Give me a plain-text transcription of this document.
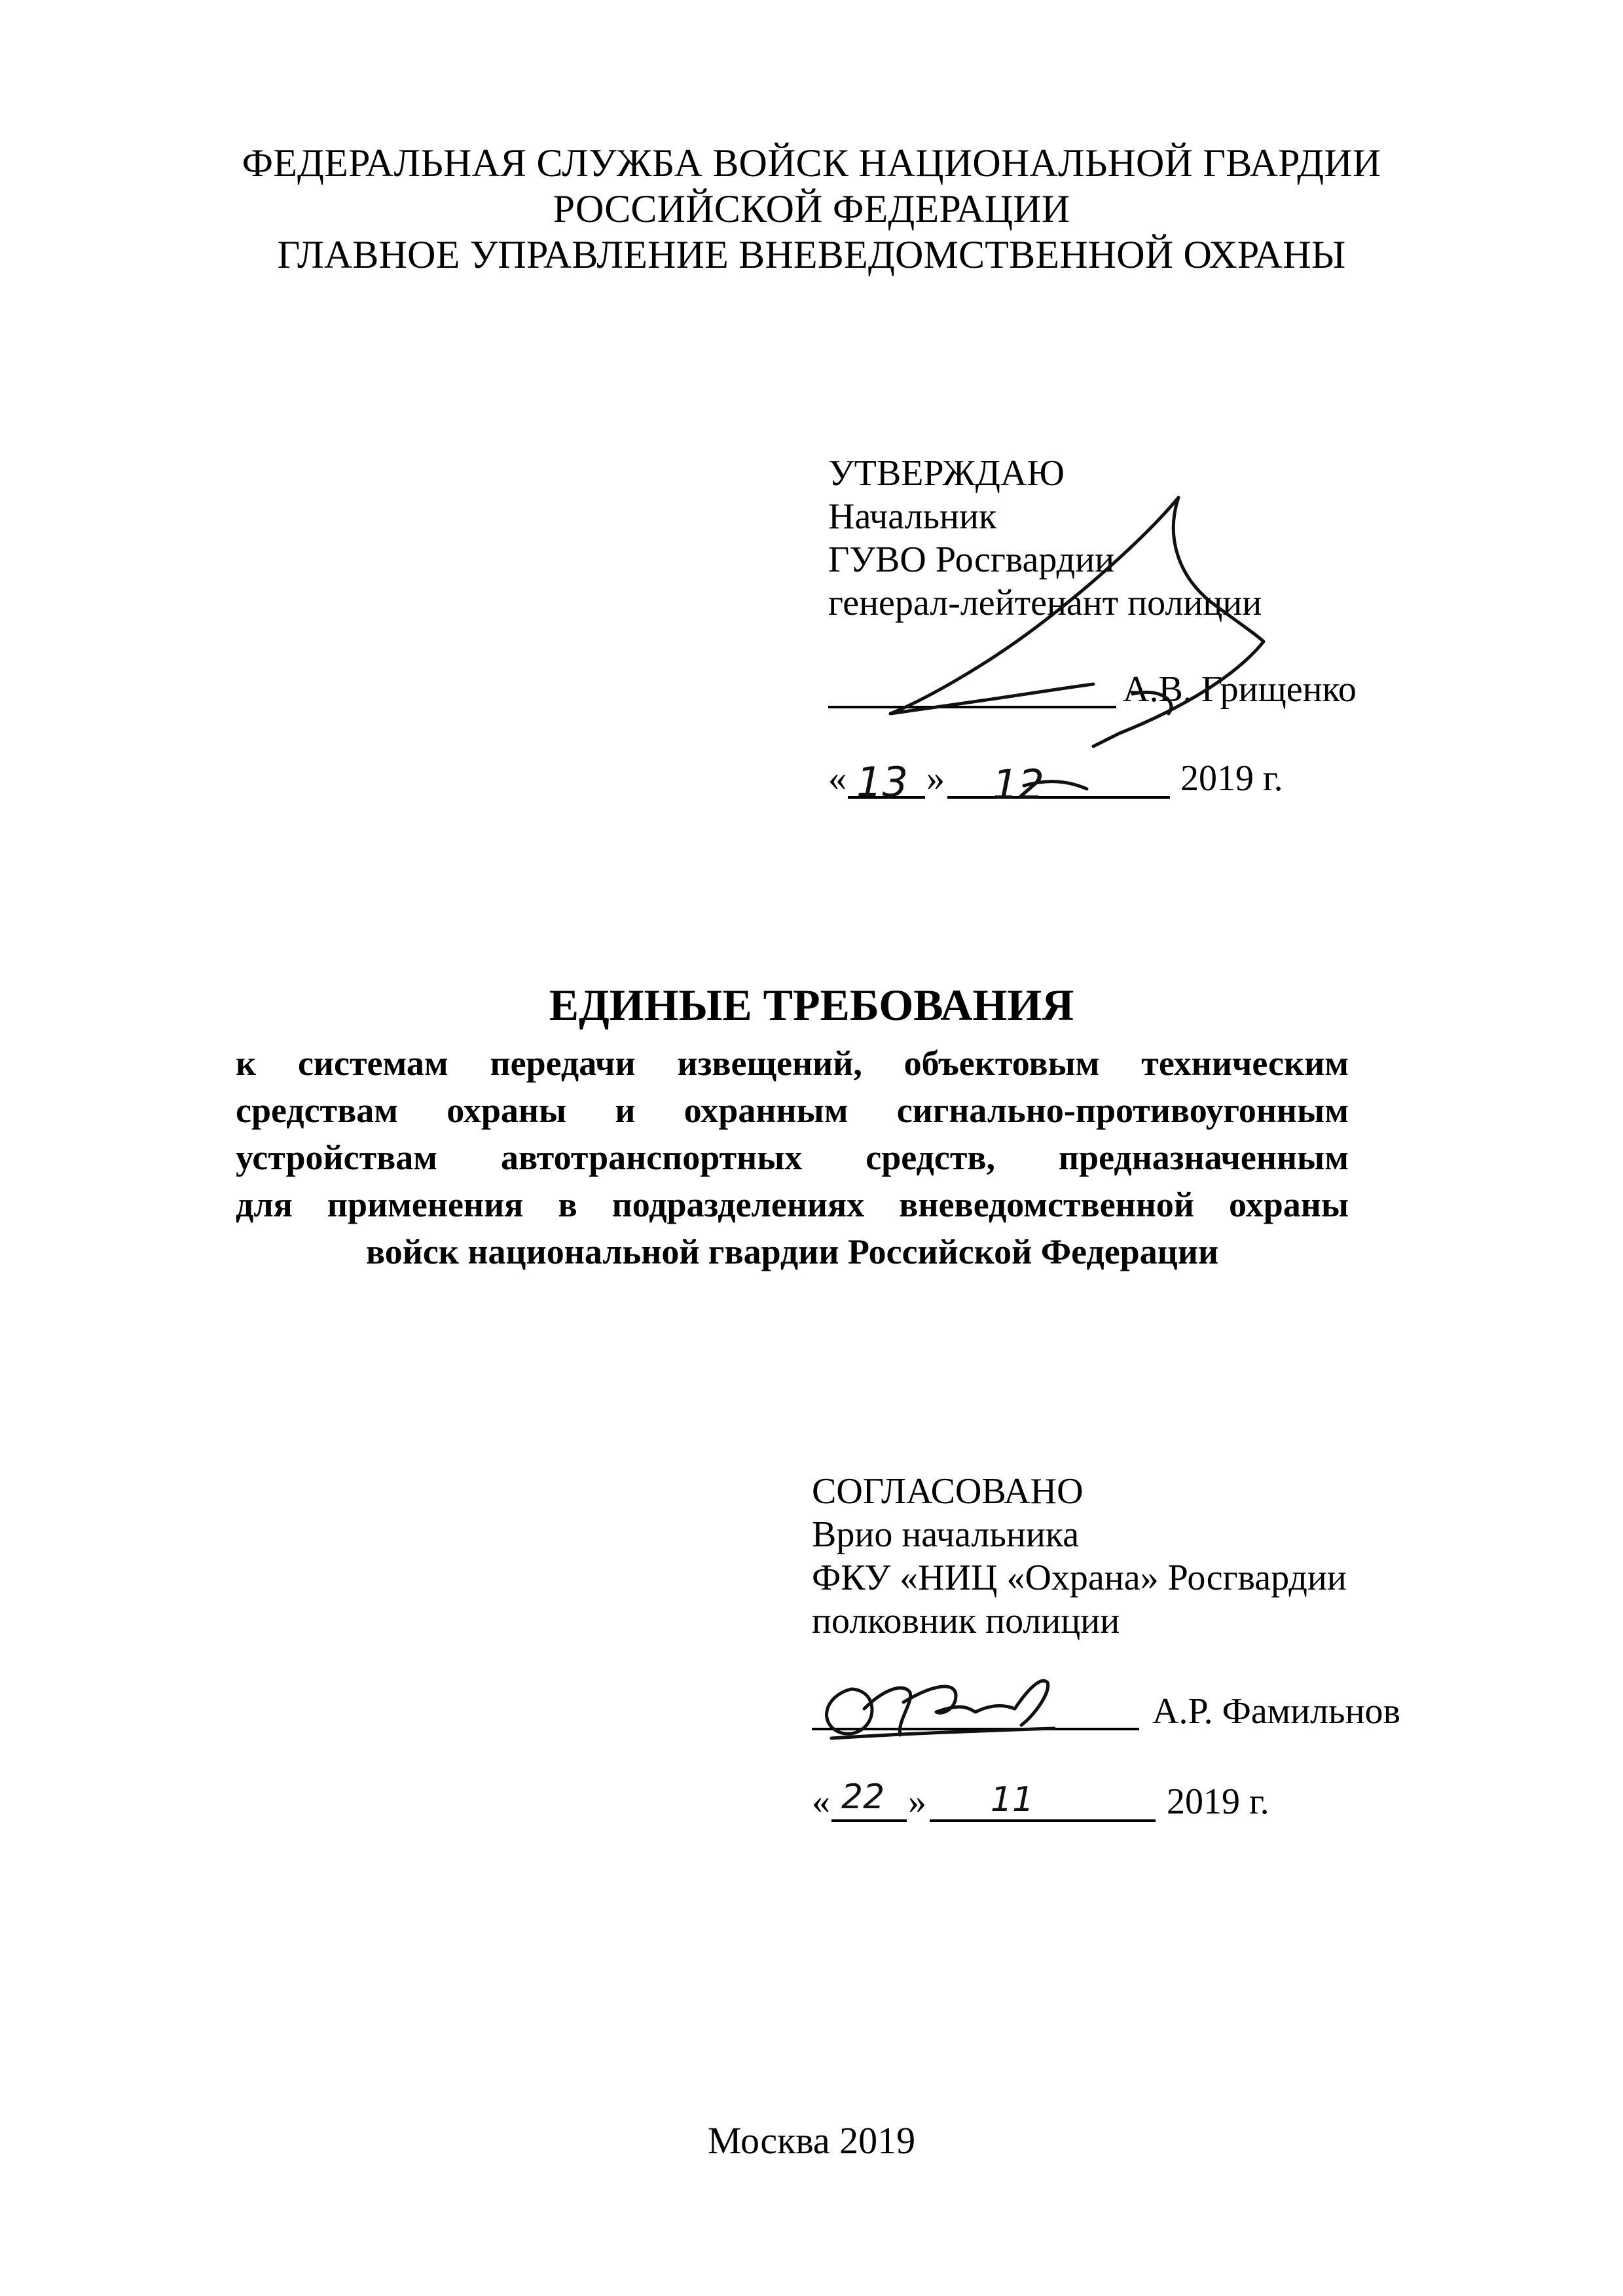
ФЕДЕРАЛЬНАЯ СЛУЖБА ВОЙСК НАЦИОНАЛЬНОЙ ГВАРДИИ
РОССИЙСКОЙ ФЕДЕРАЦИИ
ГЛАВНОЕ УПРАВЛЕНИЕ ВНЕВЕДОМСТВЕННОЙ ОХРАНЫ
УТВЕРЖДАЮ
Начальник
ГУВО Росгвардии
генерал-лейтенант полиции
А.В. Грищенко
« »	2019 г.
13 12
ЕДИНЫЕ ТРЕБОВАНИЯ
к системам передачи извещений, объектовым техническим
средствам охраны и охранным сигнально-противоугонным
устройствам автотранспортных средств, предназначенным
для применения в подразделениях вневедомственной охраны
войск национальной гвардии Российской Федерации
СОГЛАСОВАНО
Врио начальника
ФКУ «НИЦ «Охрана» Росгвардии
полковник полиции
А.Р. Фамильнов
« »	2019 г.
22	11
Москва 2019
